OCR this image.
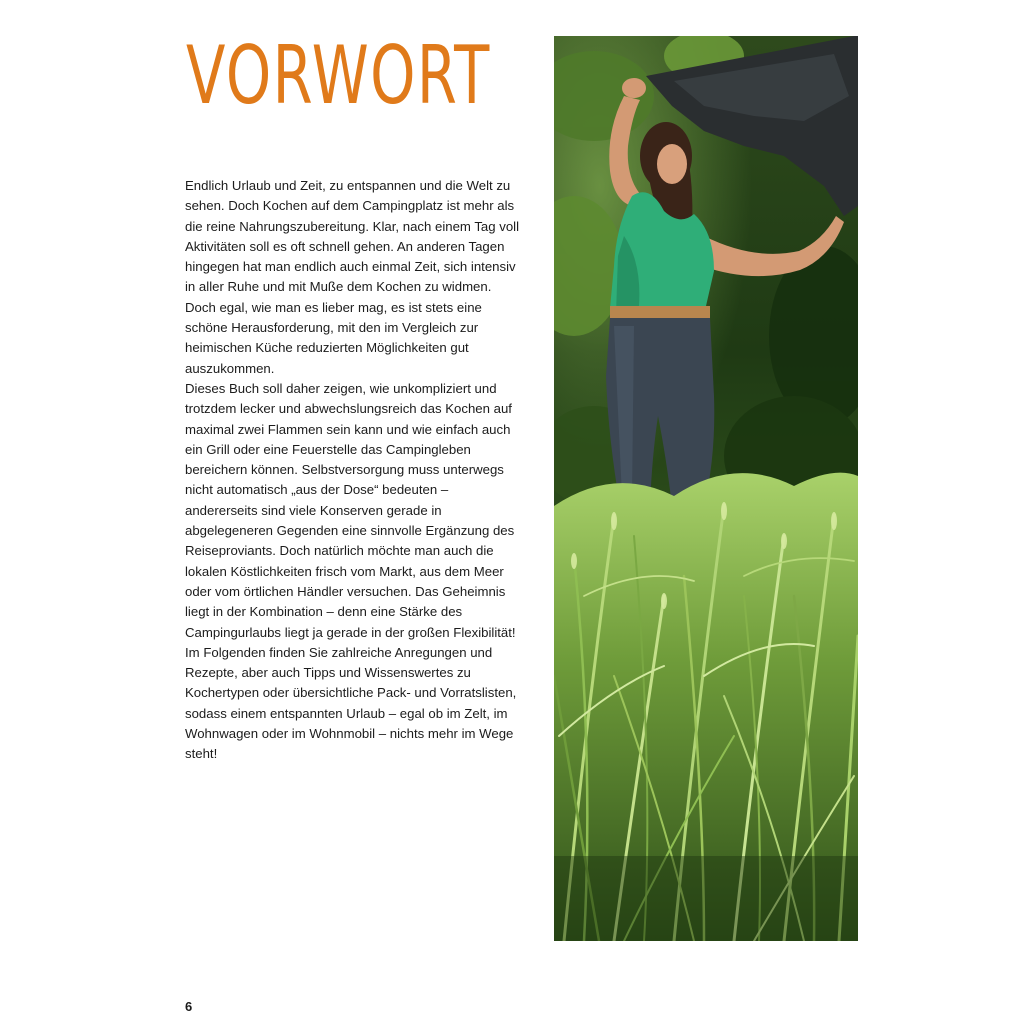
VORWORT

Endlich Urlaub und Zeit, zu entspannen und die Welt zu sehen. Doch Kochen auf dem Campingplatz ist mehr als die reine Nahrungszubereitung. Klar, nach einem Tag voll Aktivitäten soll es oft schnell gehen. An anderen Tagen hingegen hat man endlich auch einmal Zeit, sich intensiv in aller Ruhe und mit Muße dem Kochen zu widmen. Doch egal, wie man es lieber mag, es ist stets eine schöne Herausforderung, mit den im Vergleich zur heimischen Küche reduzierten Möglichkeiten gut auszukommen.

Dieses Buch soll daher zeigen, wie unkompliziert und trotzdem lecker und abwechslungsreich das Kochen auf maximal zwei Flammen sein kann und wie einfach auch ein Grill oder eine Feuerstelle das Campingleben bereichern können. Selbstversorgung muss unterwegs nicht automatisch „aus der Dose“ bedeuten – andererseits sind viele Konserven gerade in abgelegeneren Gegenden eine sinnvolle Ergänzung des Reiseproviants. Doch natürlich möchte man auch die lokalen Köstlichkeiten frisch vom Markt, aus dem Meer oder vom örtlichen Händler versuchen. Das Geheimnis liegt in der Kombination – denn eine Stärke des Campingurlaubs liegt ja gerade in der großen Flexibilität!

Im Folgenden finden Sie zahlreiche Anregungen und Rezepte, aber auch Tipps und Wissenswertes zu Kochertypen oder übersichtliche Pack- und Vorratslisten, sodass einem entspannten Urlaub – egal ob im Zelt, im Wohnwagen oder im Wohnmobil – nichts mehr im Wege steht!

6
